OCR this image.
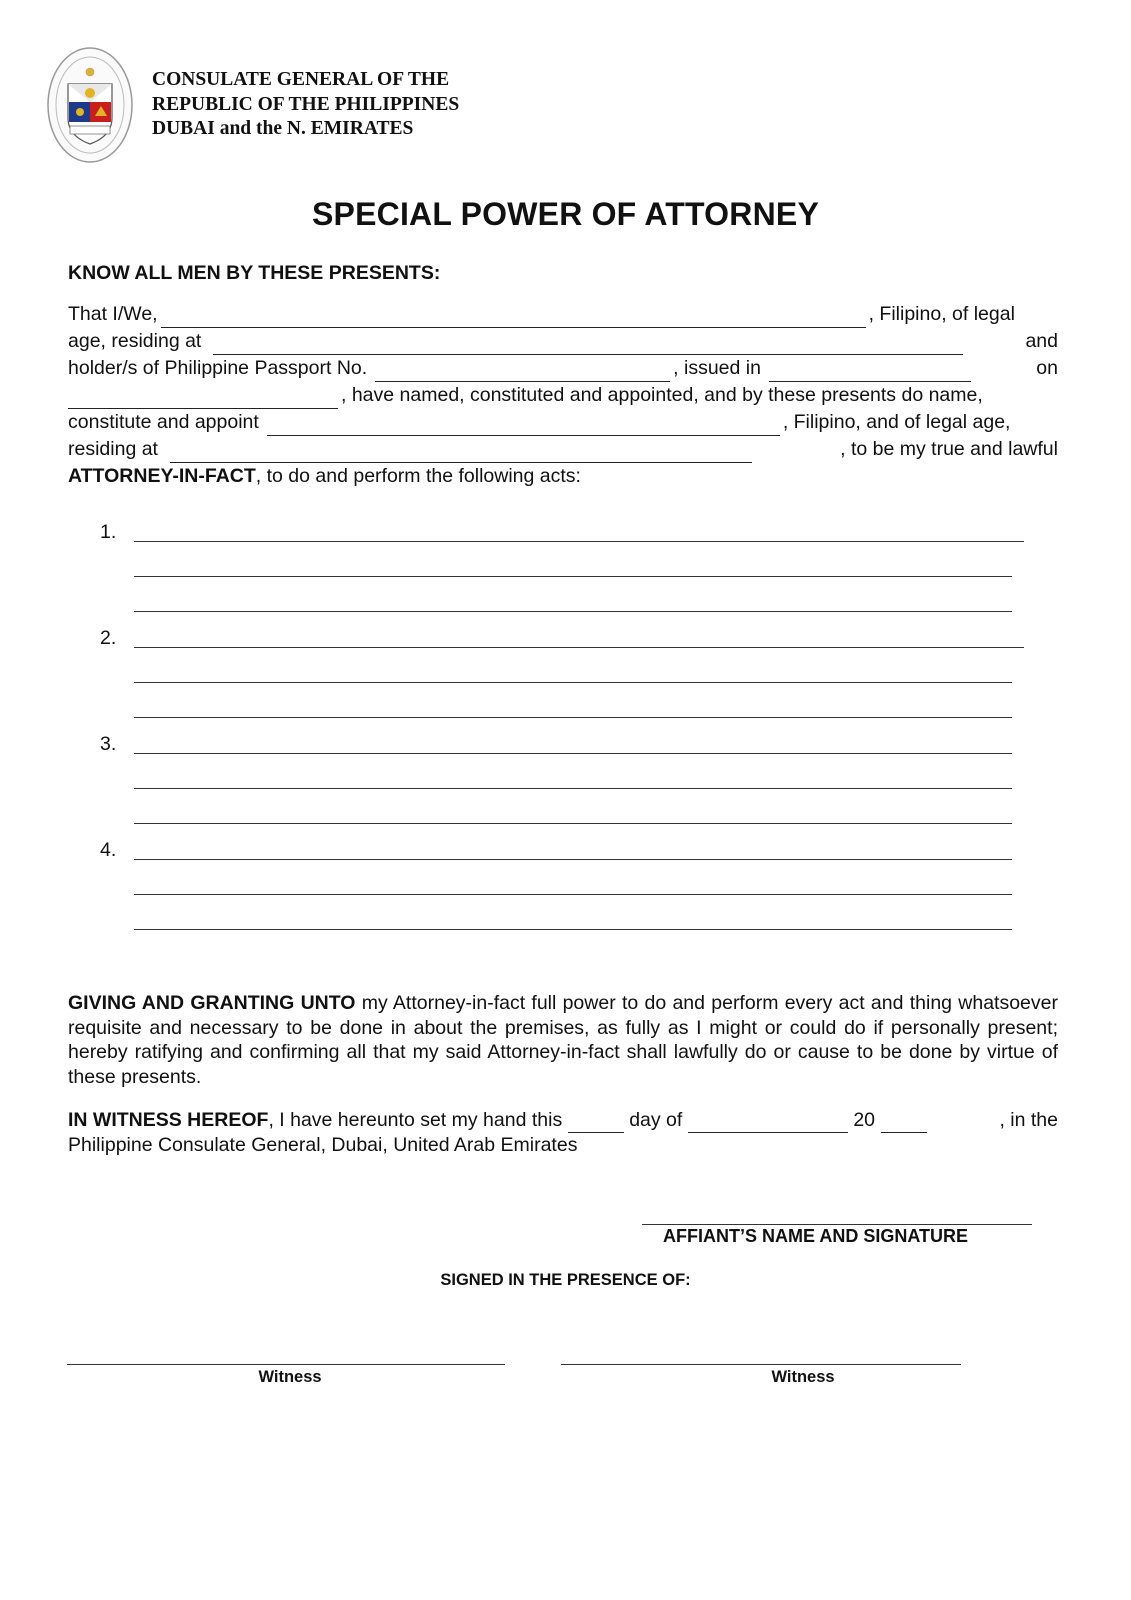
CONSULATE GENERAL OF THE
REPUBLIC OF THE PHILIPPINES
DUBAI and the N. EMIRATES
SPECIAL POWER OF ATTORNEY
KNOW ALL MEN BY THESE PRESENTS:
That I/We,	, Filipino, of legal
age, residing at	and
holder/s of Philippine Passport No.	, issued in	on
, have named, constituted and appointed, and by these presents do name,
constitute and appoint	, Filipino, and of legal age,
residing at	, to be my true and lawful
ATTORNEY-IN-FACT , to do and perform the following acts:
1.
2.
3.
4.
GIVING AND GRANTING UNTO my Attorney-in-fact full power to do and perform every act and thing whatsoever requisite and necessary to be done in about the premises, as fully as I might or could do if personally present; hereby ratifying and confirming all that my said Attorney-in-fact shall lawfully do or cause to be done by virtue of these presents.
IN WITNESS HEREOF , I have hereunto set my hand this	day of	20	, in the
Philippine Consulate General, Dubai, United Arab Emirates
AFFIANT’S NAME AND SIGNATURE
SIGNED IN THE PRESENCE OF:
Witness	Witness
